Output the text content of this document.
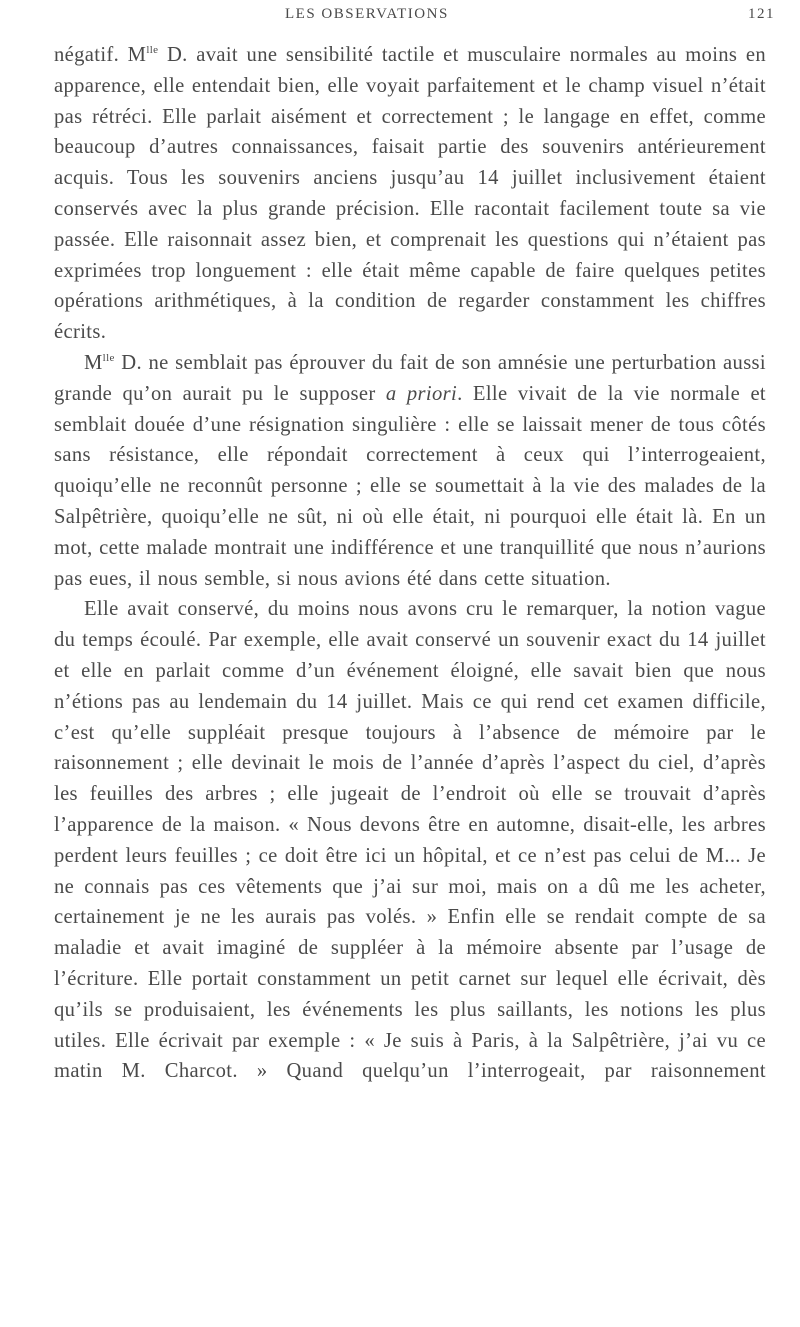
LES OBSERVATIONS	121

négatif. $M^{lle}$ D. avait une sensibilité tactile et musculaire normales au moins en apparence, elle entendait bien, elle voyait parfaitement et le champ visuel n’était pas rétréci. Elle parlait aisément et correctement ; le langage en effet, comme beaucoup d’autres connaissances, faisait partie des souvenirs antérieurement acquis. Tous les souvenirs anciens jusqu’au 14 juillet inclusivement étaient conservés avec la plus grande précision. Elle racontait facilement toute sa vie passée. Elle raisonnait assez bien, et comprenait les questions qui n’étaient pas exprimées trop longuement : elle était même capable de faire quelques petites opérations arithmétiques, à la condition de regarder constamment les chiffres écrits.

$M^{lle}$ D. ne semblait pas éprouver du fait de son amnésie une perturbation aussi grande qu’on aurait pu le supposer a priori. Elle vivait de la vie normale et semblait douée d’une résignation singulière : elle se laissait mener de tous côtés sans résistance, elle répondait correctement à ceux qui l’interrogeaient, quoiqu’elle ne reconnût personne ; elle se soumettait à la vie des malades de la Salpêtrière, quoiqu’elle ne sût, ni où elle était, ni pourquoi elle était là. En un mot, cette malade montrait une indifférence et une tranquillité que nous n’aurions pas eues, il nous semble, si nous avions été dans cette situation.

Elle avait conservé, du moins nous avons cru le remarquer, la notion vague du temps écoulé. Par exemple, elle avait conservé un souvenir exact du 14 juillet et elle en parlait comme d’un événement éloigné, elle savait bien que nous n’étions pas au lendemain du 14 juillet. Mais ce qui rend cet examen difficile, c’est qu’elle suppléait presque toujours à l’absence de mémoire par le raisonnement ; elle devinait le mois de l’année d’après l’aspect du ciel, d’après les feuilles des arbres ; elle jugeait de l’endroit où elle se trouvait d’après l’apparence de la maison. « Nous devons être en automne, disait-elle, les arbres perdent leurs feuilles ; ce doit être ici un hôpital, et ce n’est pas celui de M... Je ne connais pas ces vêtements que j’ai sur moi, mais on a dû me les acheter, certainement je ne les aurais pas volés. » Enfin elle se rendait compte de sa maladie et avait imaginé de suppléer à la mémoire absente par l’usage de l’écriture. Elle portait constamment un petit carnet sur lequel elle écrivait, dès qu’ils se produisaient, les événements les plus saillants, les notions les plus utiles. Elle écrivait par exemple : « Je suis à Paris, à la Salpêtrière, j’ai vu ce matin M. Charcot. » Quand quelqu’un l’interrogeait, par raisonnement
